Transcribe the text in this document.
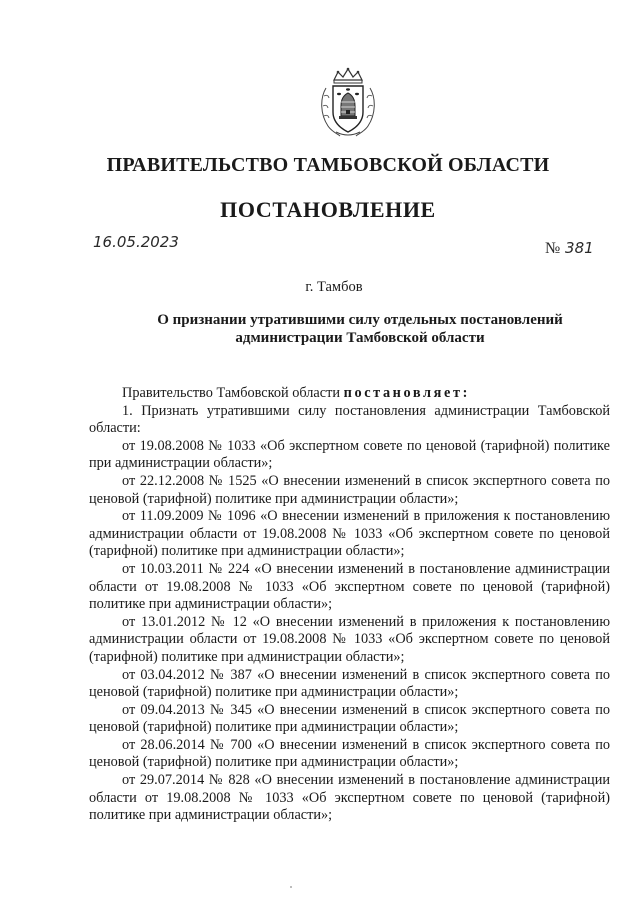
ПРАВИТЕЛЬСТВО ТАМБОВСКОЙ ОБЛАСТИ
ПОСТАНОВЛЕНИЕ
16.05.2023	№ 381
г. Тамбов
О признании утратившими силу отдельных постановлений
администрации Тамбовской области

Правительство Тамбовской области постановляет:

1. Признать утратившими силу постановления администрации Тамбовской области:

от 19.08.2008 № 1033 «Об экспертном совете по ценовой (тарифной) политике при администрации области»;

от 22.12.2008 № 1525 «О внесении изменений в список экспертного совета по ценовой (тарифной) политике при администрации области»;

от 11.09.2009 № 1096 «О внесении изменений в приложения к постановлению администрации области от 19.08.2008 № 1033 «Об экспертном совете по ценовой (тарифной) политике при администрации области»;

от 10.03.2011 № 224 «О внесении изменений в постановление администрации области от 19.08.2008 № 1033 «Об экспертном совете по ценовой (тарифной) политике при администрации области»;

от 13.01.2012 № 12 «О внесении изменений в приложения к постановлению администрации области от 19.08.2008 № 1033 «Об экспертном совете по ценовой (тарифной) политике при администрации области»;

от 03.04.2012 № 387 «О внесении изменений в список экспертного совета по ценовой (тарифной) политике при администрации области»;

от 09.04.2013 № 345 «О внесении изменений в список экспертного совета по ценовой (тарифной) политике при администрации области»;

от 28.06.2014 № 700 «О внесении изменений в список экспертного совета по ценовой (тарифной) политике при администрации области»;

от 29.07.2014 № 828 «О внесении изменений в постановление администрации области от 19.08.2008 № 1033 «Об экспертном совете по ценовой (тарифной) политике при администрации области»;
